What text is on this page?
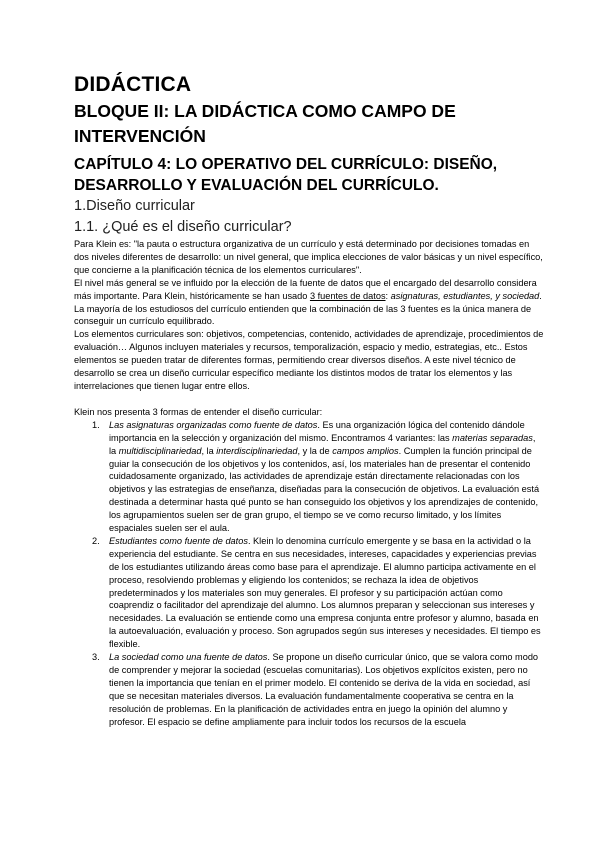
DIDÁCTICA
BLOQUE II: LA DIDÁCTICA COMO CAMPO DE INTERVENCIÓN
CAPÍTULO 4: LO OPERATIVO DEL CURRÍCULO: DISEÑO, DESARROLLO Y EVALUACIÓN DEL CURRÍCULO.
1.Diseño curricular
1.1. ¿Qué es el diseño curricular?

Para Klein es: "la pauta o estructura organizativa de un currículo y está determinado por decisiones tomadas en dos niveles diferentes de desarrollo: un nivel general, que implica elecciones de valor básicas y un nivel específico, que concierne a la planificación técnica de los elementos curriculares".

El nivel más general se ve influido por la elección de la fuente de datos que el encargado del desarrollo considera más importante. Para Klein, históricamente se han usado 3 fuentes de datos: asignaturas, estudiantes, y sociedad. La mayoría de los estudiosos del currículo entienden que la combinación de las 3 fuentes es la única manera de conseguir un currículo equilibrado.

Los elementos curriculares son: objetivos, competencias, contenido, actividades de aprendizaje, procedimientos de evaluación… Algunos incluyen materiales y recursos, temporalización, espacio y medio, estrategias, etc.. Estos elementos se pueden tratar de diferentes formas, permitiendo crear diversos diseños. A este nivel técnico de desarrollo se crea un diseño curricular específico mediante los distintos modos de tratar los elementos y las interrelaciones que tienen lugar entre ellos.

Klein nos presenta 3 formas de entender el diseño curricular:

1. Las asignaturas organizadas como fuente de datos. Es una organización lógica del contenido dándole importancia en la selección y organización del mismo. Encontramos 4 variantes: las materias separadas, la multidisciplinariedad, la interdisciplinariedad, y la de campos amplios. Cumplen la función principal de guiar la consecución de los objetivos y los contenidos, así, los materiales han de presentar el contenido cuidadosamente organizado, las actividades de aprendizaje están directamente relacionadas con los objetivos y las estrategias de enseñanza, diseñadas para la consecución de objetivos. La evaluación está destinada a determinar hasta qué punto se han conseguido los objetivos y los aprendizajes de contenido, los agrupamientos suelen ser de gran grupo, el tiempo se ve como recurso limitado, y los límites espaciales suelen ser el aula.
2. Estudiantes como fuente de datos. Klein lo denomina currículo emergente y se basa en la actividad o la experiencia del estudiante. Se centra en sus necesidades, intereses, capacidades y experiencias previas de los estudiantes utilizando áreas como base para el aprendizaje. El alumno participa activamente en el proceso, resolviendo problemas y eligiendo los contenidos; se rechaza la idea de objetivos predeterminados y los materiales son muy generales. El profesor y su participación actúan como coaprendiz o facilitador del aprendizaje del alumno. Los alumnos preparan y seleccionan sus intereses y necesidades. La evaluación se entiende como una empresa conjunta entre profesor y alumno, basada en la autoevaluación, evaluación y proceso. Son agrupados según sus intereses y necesidades. El tiempo es flexible.
3. La sociedad como una fuente de datos. Se propone un diseño curricular único, que se valora como modo de comprender y mejorar la sociedad (escuelas comunitarias). Los objetivos explícitos existen, pero no tienen la importancia que tenían en el primer modelo. El contenido se deriva de la vida en sociedad, así que se necesitan materiales diversos. La evaluación fundamentalmente cooperativa se centra en la resolución de problemas. En la planificación de actividades entra en juego la opinión del alumno y profesor. El espacio se define ampliamente para incluir todos los recursos de la escuela
